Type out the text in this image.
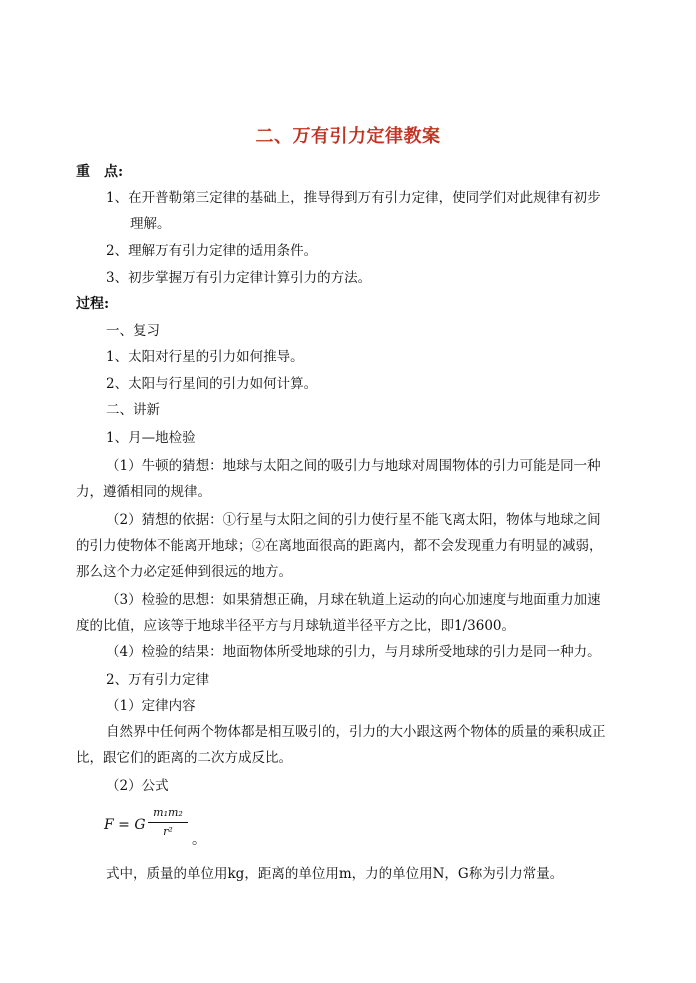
二、万有引力定律教案
重　点:
1、在开普勒第三定律的基础上，推导得到万有引力定律，使同学们对此规律有初步
理解。
2、理解万有引力定律的适用条件。
3、初步掌握万有引力定律计算引力的方法。
过程:
一、复习
1、太阳对行星的引力如何推导。
2、太阳与行星间的引力如何计算。
二、讲新
1、月—地检验
（1）牛顿的猜想：地球与太阳之间的吸引力与地球对周围物体的引力可能是同一种
力，遵循相同的规律。
（2）猜想的依据：①行星与太阳之间的引力使行星不能飞离太阳，物体与地球之间
的引力使物体不能离开地球；②在离地面很高的距离内，都不会发现重力有明显的减弱，
那么这个力必定延伸到很远的地方。
（3）检验的思想：如果猜想正确，月球在轨道上运动的向心加速度与地面重力加速
度的比值，应该等于地球半径平方与月球轨道半径平方之比，即1/3600。
（4）检验的结果：地面物体所受地球的引力，与月球所受地球的引力是同一种力。
2、万有引力定律
（1）定律内容
自然界中任何两个物体都是相互吸引的，引力的大小跟这两个物体的质量的乘积成正
比，跟它们的距离的二次方成反比。
（2）公式
F = G
m₁m₂
r²
。
式中，质量的单位用kg，距离的单位用m，力的单位用N，G称为引力常量。
